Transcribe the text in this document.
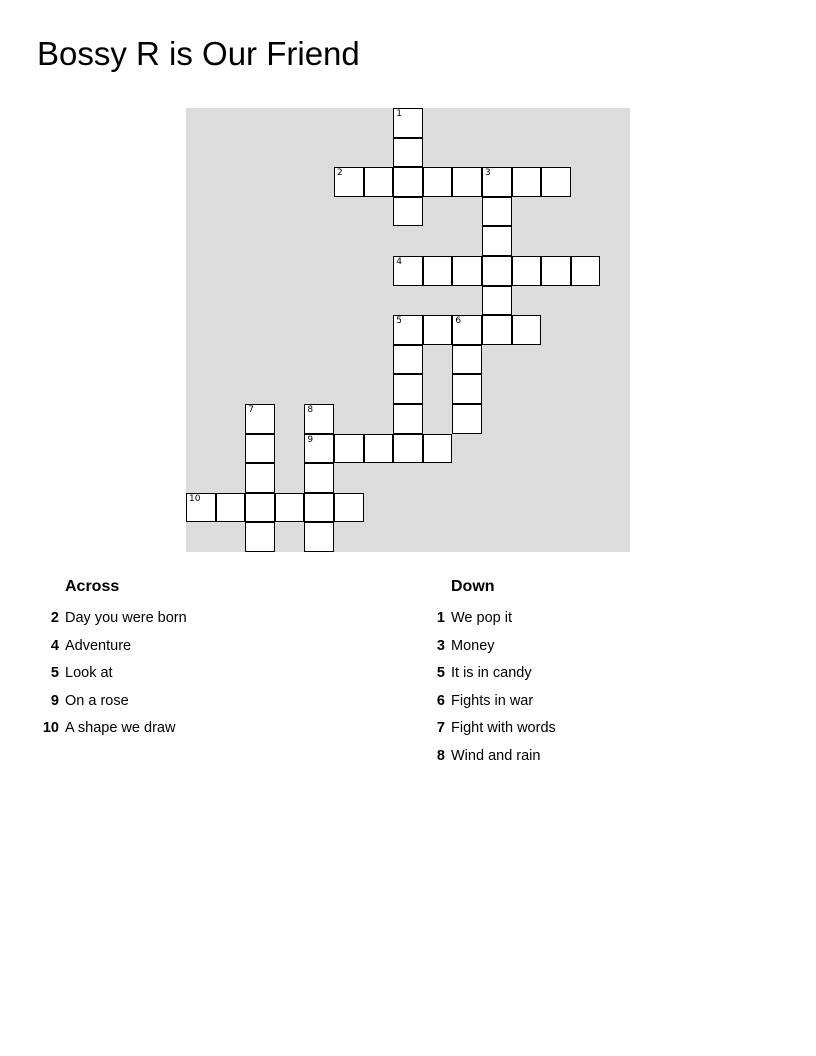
Bossy R is Our Friend
1
2	3
4
5	6
7	8
9
10
Across
2 Day you were born
4 Adventure
5 Look at
9 On a rose
10 A shape we draw
Down
1 We pop it
3 Money
5 It is in candy
6 Fights in war
7 Fight with words
8 Wind and rain
